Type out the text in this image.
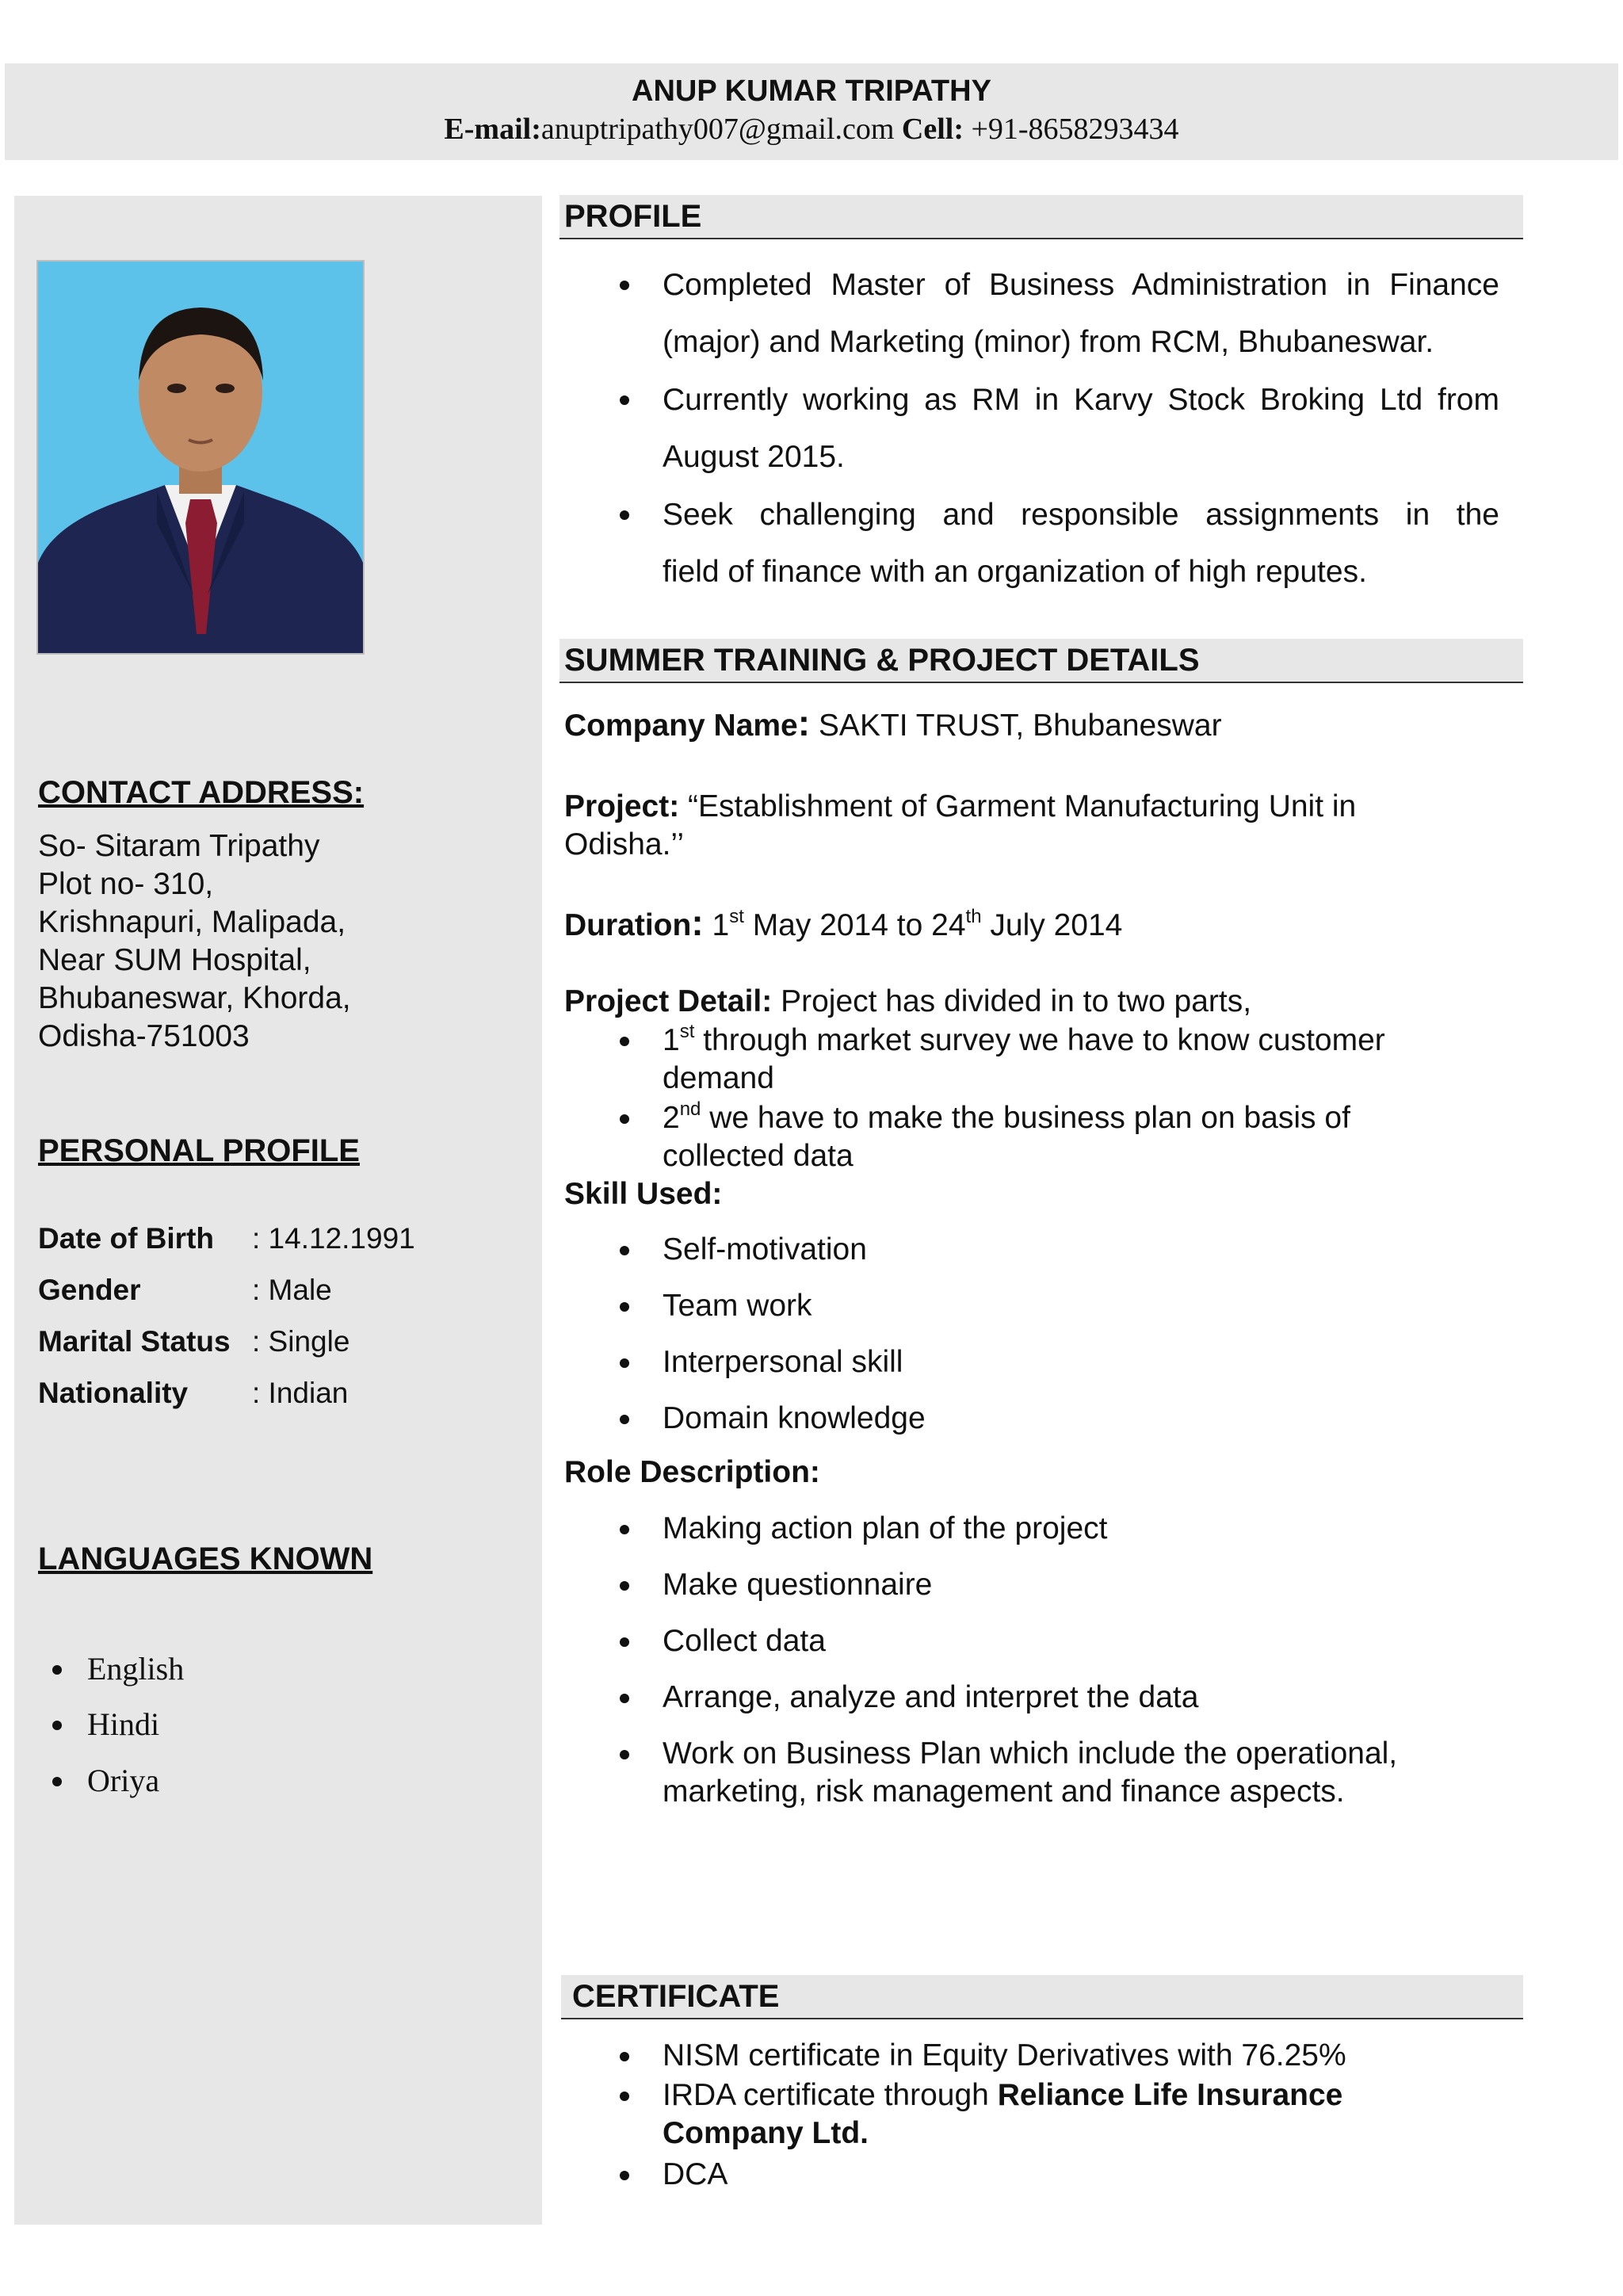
ANUP KUMAR TRIPATHY
E-mail:anuptripathy007@gmail.com Cell: +91-8658293434
CONTACT ADDRESS:
So- Sitaram Tripathy
Plot no- 310,
Krishnapuri, Malipada,
Near SUM Hospital,
Bhubaneswar, Khorda,
Odisha-751003
PERSONAL PROFILE
Date of Birth : 14.12.1991
Gender	: Male
Marital Status : Single
Nationality : Indian
LANGUAGES KNOWN
English
Hindi
Oriya
PROFILE
Completed Master of Business Administration in Finance
(major) and Marketing (minor) from RCM, Bhubaneswar.
Currently working as RM in Karvy Stock Broking Ltd from
August 2015.
Seek challenging and responsible assignments in the
field of finance with an organization of high reputes.
SUMMER TRAINING & PROJECT DETAILS
Company Name: SAKTI TRUST, Bhubaneswar
Project: “Establishment of Garment Manufacturing Unit in
Odisha.’’
Duration: 1st May 2014 to 24th July 2014
Project Detail: Project has divided in to two parts,
1st through market survey we have to know customer
demand
2nd we have to make the business plan on basis of
collected data
Skill Used:
Self-motivation
Team work
Interpersonal skill
Domain knowledge
Role Description:
Making action plan of the project
Make questionnaire
Collect data
Arrange, analyze and interpret the data
Work on Business Plan which include the operational,
marketing, risk management and finance aspects.
CERTIFICATE
NISM certificate in Equity Derivatives with 76.25%
IRDA certificate through Reliance Life Insurance
Company Ltd.
DCA
